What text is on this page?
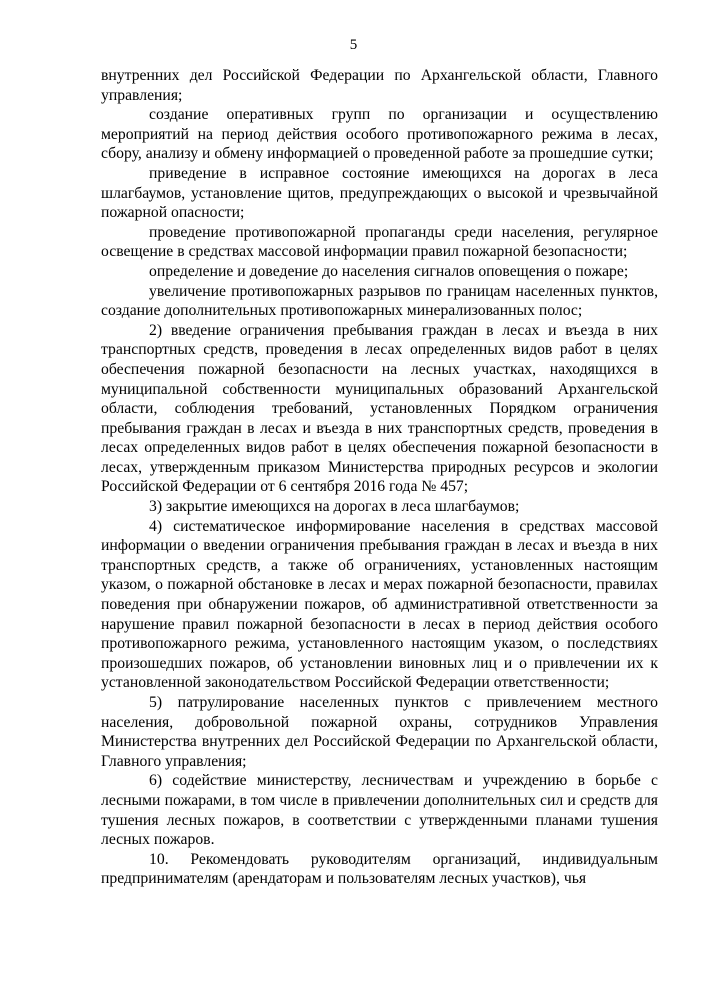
5

внутренних дел Российской Федерации по Архангельской области, Главного управления;

создание оперативных групп по организации и осуществлению мероприятий на период действия особого противопожарного режима в лесах, сбору, анализу и обмену информацией о проведенной работе за прошедшие сутки;

приведение в исправное состояние имеющихся на дорогах в леса шлагбаумов, установление щитов, предупреждающих о высокой и чрезвычайной пожарной опасности;

проведение противопожарной пропаганды среди населения, регулярное освещение в средствах массовой информации правил пожарной безопасности;

определение и доведение до населения сигналов оповещения о пожаре;

увеличение противопожарных разрывов по границам населенных пунктов, создание дополнительных противопожарных минерализованных полос;

2) введение ограничения пребывания граждан в лесах и въезда в них транспортных средств, проведения в лесах определенных видов работ в целях обеспечения пожарной безопасности на лесных участках, находящихся в муниципальной собственности муниципальных образований Архангельской области, соблюдения требований, установленных Порядком ограничения пребывания граждан в лесах и въезда в них транспортных средств, проведения в лесах определенных видов работ в целях обеспечения пожарной безопасности в лесах, утвержденным приказом Министерства природных ресурсов и экологии Российской Федерации от 6 сентября 2016 года № 457;

3) закрытие имеющихся на дорогах в леса шлагбаумов;

4) систематическое информирование населения в средствах массовой информации о введении ограничения пребывания граждан в лесах и въезда в них транспортных средств, а также об ограничениях, установленных настоящим указом, о пожарной обстановке в лесах и мерах пожарной безопасности, правилах поведения при обнаружении пожаров, об административной ответственности за нарушение правил пожарной безопасности в лесах в период действия особого противопожарного режима, установленного настоящим указом, о последствиях произошедших пожаров, об установлении виновных лиц и о привлечении их к установленной законодательством Российской Федерации ответственности;

5) патрулирование населенных пунктов с привлечением местного населения, добровольной пожарной охраны, сотрудников Управления Министерства внутренних дел Российской Федерации по Архангельской области, Главного управления;

6) содействие министерству, лесничествам и учреждению в борьбе с лесными пожарами, в том числе в привлечении дополнительных сил и средств для тушения лесных пожаров, в соответствии с утвержденными планами тушения лесных пожаров.

10. Рекомендовать руководителям организаций, индивидуальным предпринимателям (арендаторам и пользователям лесных участков), чья
